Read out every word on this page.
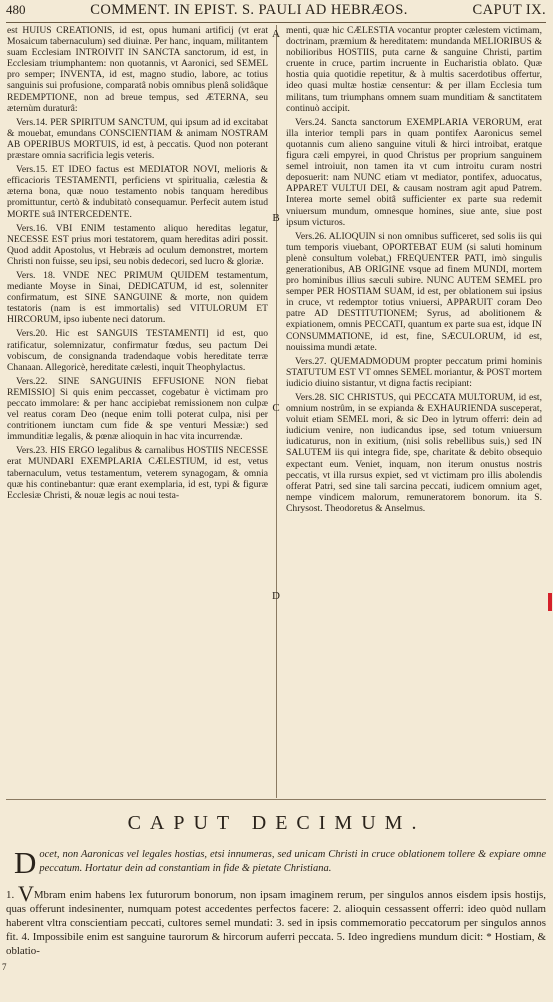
480	COMMENT. IN EPIST. S. PAULI AD HEBRÆOS.	CAPUT IX.

est HUIUS CREATIONIS, id est, opus humani artificij (vt erat Mosaicum tabernaculum) sed diuinæ. Per hanc, inquam, militantem suam Ecclesiam INTROIVIT IN SANCTA sanctorum, id est, in Ecclesiam triumphantem: non quotannis, vt Aaronici, sed SEMEL pro semper; INVENTA, id est, magno studio, labore, ac totius sanguinis sui profusione, comparatâ nobis omnibus plenâ solidâque REDEMPTIONE, non ad breue tempus, sed ÆTERNA, seu æternùm duraturâ:

Vers.14. PER SPIRITUM SANCTUM, qui ipsum ad id excitabat & mouebat, emundans CONSCIENTIAM & animam NOSTRAM AB OPERIBUS MORTUIS, id est, à peccatis. Quod non poterant præstare omnia sacrificia legis veteris.

Vers.15. ET IDEO factus est MEDIATOR NOVI, melioris & efficacioris TESTAMENTI, perficiens vt spiritualia, cælestia & æterna bona, quæ nouo testamento nobis tanquam heredibus promittuntur, certò & indubitatò consequamur. Perfecit autem istud MORTE suâ INTERCEDENTE.

Vers.16. VBI ENIM testamento aliquo hereditas legatur, NECESSE EST prius mori testatorem, quam hereditas adiri possit. Quod addit Apostolus, vt Hebræis ad oculum demonstret, mortem Christi non fuisse, seu ipsi, seu nobis dedecori, sed lucro & gloriæ.

Vers. 18. VNDE NEC PRIMUM QUIDEM testamentum, mediante Moyse in Sinai, DEDICATUM, id est, solenniter confirmatum, est SINE SANGUINE & morte, non quidem testatoris (nam is est immortalis) sed VITULORUM ET HIRCORUM, ipso iubente neci datorum.

Vers.20. Hic est SANGUIS TESTAMENTI] id est, quo ratificatur, solemnizatur, confirmatur fœdus, seu pactum Dei vobiscum, de consignanda tradendaque vobis hereditate terræ Chanaan. Allegoricè, hereditate cælesti, inquit Theophylactus.

Vers.22. SINE SANGUINIS EFFUSIONE NON fiebat REMISSIO] Si quis enim peccasset, cogebatur è victimam pro peccato immolare: & per hanc accipiebat remissionem non culpæ vel reatus coram Deo (neque enim tolli poterat culpa, nisi per contritionem iunctam cum fide & spe venturi Messiæ:) sed immunditiæ legalis, & pœnæ alioquin in hac vita incurrendæ.

Vers.23. HIS ERGO legalibus & carnalibus HOSTIIS NECESSE erat MUNDARI EXEMPLARIA CÆLESTIUM, id est, vetus tabernaculum, vetus testamentum, veterem synagogam, & omnia quæ his continebantur: quæ erant exemplaria, id est, typi & figuræ Ecclesiæ Christi, & nouæ legis ac noui testa-

A
B
C
D

menti, quæ hic CÆLESTIA vocantur propter cælestem victimam, doctrinam, præmium & hereditatem: mundanda MELIORIBUS & nobilioribus HOSTIIS, puta carne & sanguine Christi, partim cruente in cruce, partim incruente in Eucharistia oblato. Quæ hostia quia quotidie repetitur, & à multis sacerdotibus offertur, ideo quasi multæ hostiæ censentur: & per illam Ecclesia tum militans, tum triumphans omnem suam munditiam & sanctitatem continuò accipit.

Vers.24. Sancta sanctorum EXEMPLARIA VERORUM, erat illa interior templi pars in quam pontifex Aaronicus semel quotannis cum alieno sanguine vituli & hirci introibat, eratque figura cæli empyrei, in quod Christus per proprium sanguinem semel introiuit, non tamen ita vt cum introitu curam nostri deposuerit: nam NUNC etiam vt mediator, pontifex, aduocatus, APPARET VULTUI DEI, & causam nostram agit apud Patrem. Interea morte semel obitâ sufficienter ex parte sua redemit vniuersum mundum, omnesque homines, siue ante, siue post ipsum victuros.

Vers.26. ALIOQUIN si non omnibus sufficeret, sed solis iis qui tum temporis viuebant, OPORTEBAT EUM (si saluti hominum plenè consultum volebat,) FREQUENTER PATI, imò singulis generationibus, AB ORIGINE vsque ad finem MUNDI, mortem pro hominibus illius sæculi subire. NUNC AUTEM SEMEL pro semper PER HOSTIAM SUAM, id est, per oblationem sui ipsius in cruce, vt redemptor totius vniuersi, APPARUIT coram Deo patre AD DESTITUTIONEM; Syrus, ad abolitionem & expiationem, omnis PECCATI, quantum ex parte sua est, idque IN CONSUMMATIONE, id est, fine, SÆCULORUM, id est, nouissima mundi ætate.

Vers.27. QUEMADMODUM propter peccatum primi hominis STATUTUM EST VT omnes SEMEL moriantur, & POST mortem iudicio diuino sistantur, vt digna factis recipiant:

Vers.28. SIC CHRISTUS, qui PECCATA MULTORUM, id est, omnium nostrûm, in se expianda & EXHAURIENDA susceperat, voluit etiam SEMEL mori, & sic Deo in lytrum offerri: dein ad iudicium venire, non iudicandus ipse, sed totum vniuersum iudicaturus, non in exitium, (nisi solis rebellibus suis,) sed IN SALUTEM iis qui integra fide, spe, charitate & debito obsequio expectant eum. Veniet, inquam, non iterum onustus nostris peccatis, vt illa rursus expiet, sed vt victimam pro illis abolendis offerat Patri, sed sine tali sarcina peccati, iudicem omnium aget, nempe vindicem malorum, remuneratorem bonorum. ita S. Chrysost. Theodoretus & Anselmus.

CAPUT DECIMUM.
Docet, non Aaronicas vel legales hostias, etsi innumeras, sed unicam Christi in cruce oblationem tollere & expiare omne peccatum. Hortatur dein ad constantiam in fide & pietate Christiana.
1. VMbram enim habens lex futurorum bonorum, non ipsam imaginem rerum, per singulos annos eisdem ipsis hostijs, quas offerunt indesinenter, numquam potest accedentes perfectos facere: 2. alioquin cessassent offerri: ideo quòd nullam haberent vltra conscientiam peccati, cultores semel mundati: 3. sed in ipsis commemoratio peccatorum per singulos annos fit. 4. Impossibile enim est sanguine taurorum & hircorum auferri peccata. 5. Ideo ingrediens mundum dicit: * Hostiam, & oblatio-
7
